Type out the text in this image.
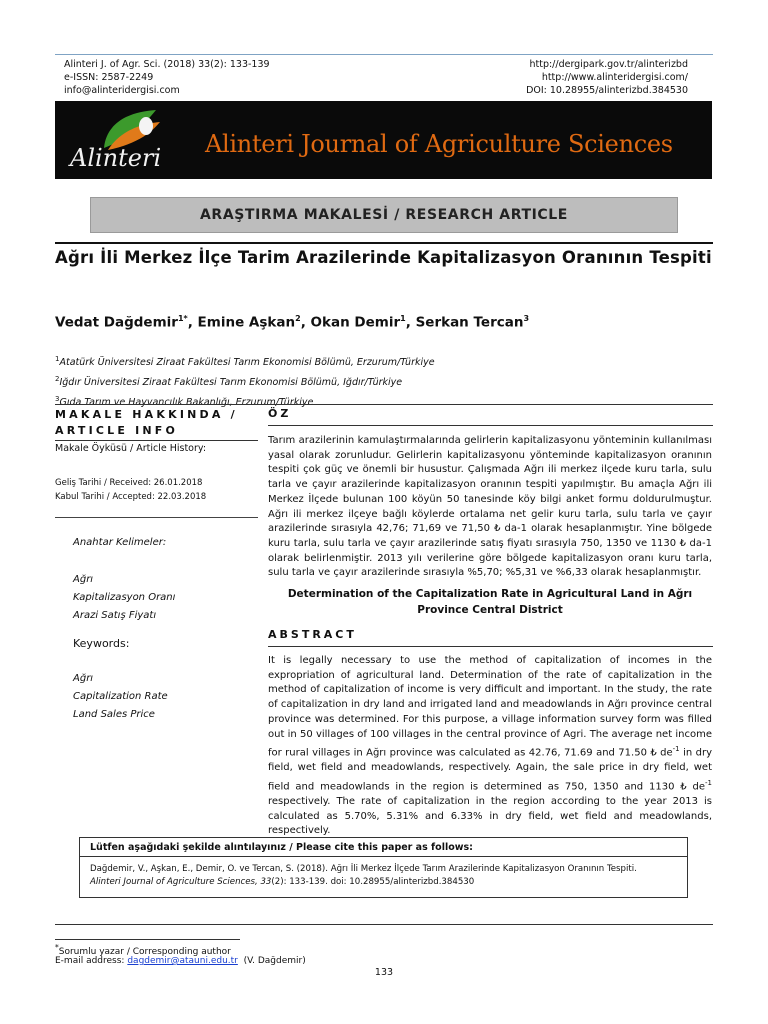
Alinteri J. of Agr. Sci. (2018) 33(2): 133-139
e-ISSN: 2587-2249
info@alinteridergisi.com
http://dergipark.gov.tr/alinterizbd
http://www.alinteridergisi.com/
DOI: 10.28955/alinterizbd.384530
Alinteri Alinteri Journal of Agriculture Sciences
ARAŞTIRMA MAKALESİ / RESEARCH ARTICLE
Ağrı İli Merkez İlçe Tarim Arazilerinde Kapitalizasyon Oranının Tespiti
Vedat Dağdemir$^{1*}$, Emine Aşkan$^2$, Okan Demir$^1$, Serkan Tercan$^3$
$^1$Atatürk Üniversitesi Ziraat Fakültesi Tarım Ekonomisi Bölümü, Erzurum/Türkiye
$^2$Iğdır Üniversitesi Ziraat Fakültesi Tarım Ekonomisi Bölümü, Iğdır/Türkiye
$^3$Gıda Tarım ve Hayvancılık Bakanlığı, Erzurum/Türkiye
MAKALE HAKKINDA /
ARTICLE INFO
Makale Öyküsü / Article History:
Geliş Tarihi / Received: 26.01.2018
Kabul Tarihi / Accepted: 22.03.2018
Anahtar Kelimeler:
Ağrı
Kapitalizasyon Oranı
Arazi Satış Fiyatı
Keywords:
Ağrı
Capitalization Rate
Land Sales Price
ÖZ
Tarım arazilerinin kamulaştırmalarında gelirlerin kapitalizasyonu yönteminin kullanılması yasal olarak zorunludur. Gelirlerin kapitalizasyonu yönteminde kapitalizasyon oranının tespiti çok güç ve önemli bir husustur. Çalışmada Ağrı ili merkez ilçede kuru tarla, sulu tarla ve çayır arazilerinde kapitalizasyon oranının tespiti yapılmıştır. Bu amaçla Ağrı ili Merkez İlçede bulunan 100 köyün 50 tanesinde köy bilgi anket formu doldurulmuştur. Ağrı ili merkez ilçeye bağlı köylerde ortalama net gelir kuru tarla, sulu tarla ve çayır arazilerinde sırasıyla 42,76; 71,69 ve 71,50 ₺ da-1 olarak hesaplanmıştır. Yine bölgede kuru tarla, sulu tarla ve çayır arazilerinde satış fiyatı sırasıyla 750, 1350 ve 1130 ₺ da-1 olarak belirlenmiştir. 2013 yılı verilerine göre bölgede kapitalizasyon oranı kuru tarla, sulu tarla ve çayır arazilerinde sırasıyla %5,70; %5,31 ve %6,33 olarak hesaplanmıştır.
Determination of the Capitalization Rate in Agricultural Land in Ağrı Province Central District
ABSTRACT
It is legally necessary to use the method of capitalization of incomes in the expropriation of agricultural land. Determination of the rate of capitalization in the method of capitalization of income is very difficult and important. In the study, the rate of capitalization in dry land and irrigated land and meadowlands in Ağrı province central province was determined. For this purpose, a village information survey form was filled out in 50 villages of 100 villages in the central province of Agri. The average net income for rural villages in Ağrı province was calculated as 42.76, 71.69 and 71.50 ₺ $de^{-1}$ in dry field, wet field and meadowlands, respectively. Again, the sale price in dry field, wet field and meadowlands in the region is determined as 750, 1350 and 1130 ₺ $de^{-1}$ respectively. The rate of capitalization in the region according to the year 2013 is calculated as 5.70%, 5.31% and 6.33% in dry field, wet field and meadowlands, respectively.
Lütfen aşağıdaki şekilde alıntılayınız / Please cite this paper as follows:
Dağdemir, V., Aşkan, E., Demir, O. ve Tercan, S. (2018). Ağrı İli Merkez İlçede Tarım Arazilerinde Kapitalizasyon Oranının Tespiti.
Alinteri Journal of Agriculture Sciences, 33(2): 133-139. doi: 10.28955/alinterizbd.384530
*Sorumlu yazar / Corresponding author
E-mail address: dagdemir@atauni.edu.tr  (V. Dağdemir)
133
